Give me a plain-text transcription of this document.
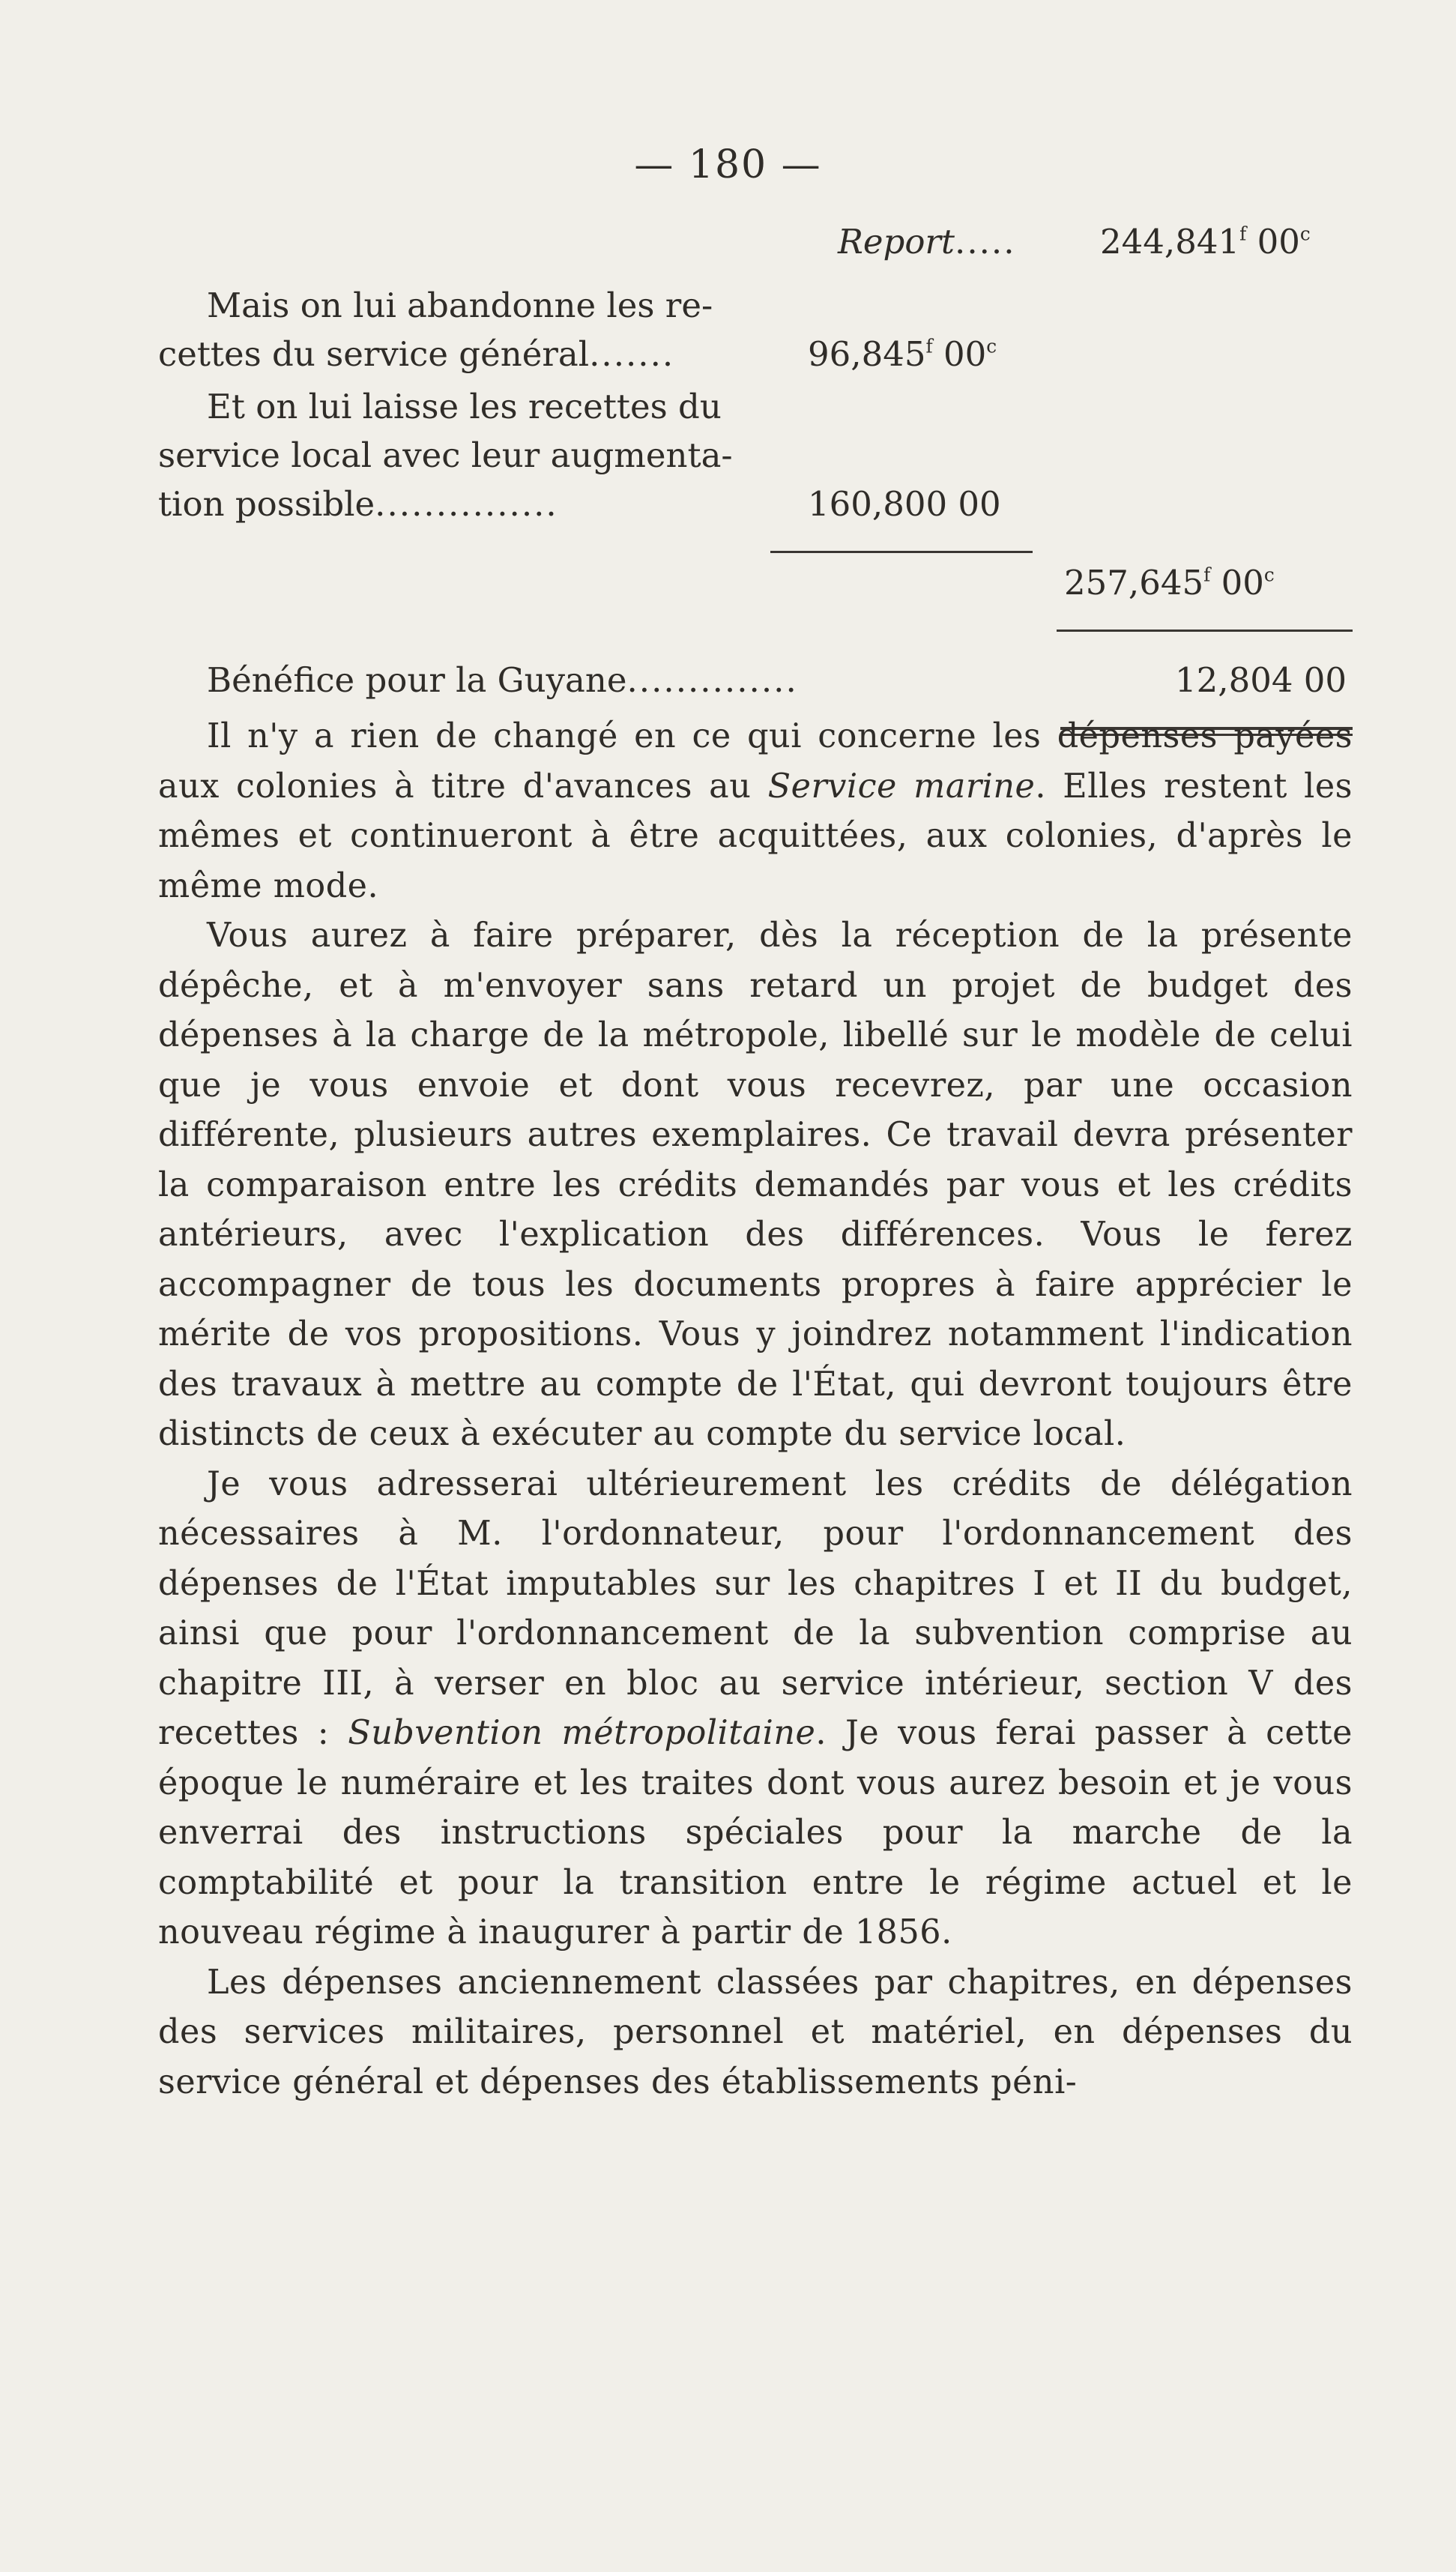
— 180 —
Report..... 244,841$^f$ 00$^c$
Mais on lui abandonne les re-
cettes du service général.......	96,845$^f$ 00$^c$
Et on lui laisse les recettes du
service local avec leur augmenta-
tion possible...............	160,800 00
257,645$^f$ 00$^c$
Bénéfice pour la Guyane..............	12,804 00

Il n'y a rien de changé en ce qui concerne les dépenses payées aux colonies à titre d'avances au Service marine. Elles restent les mêmes et continueront à être acquittées, aux colonies, d'après le même mode.

Vous aurez à faire préparer, dès la réception de la présente dépêche, et à m'envoyer sans retard un projet de budget des dépenses à la charge de la métropole, libellé sur le modèle de celui que je vous envoie et dont vous recevrez, par une occasion différente, plusieurs autres exemplaires. Ce travail devra présenter la comparaison entre les crédits demandés par vous et les crédits antérieurs, avec l'explication des différences. Vous le ferez accompagner de tous les documents propres à faire apprécier le mérite de vos propositions. Vous y joindrez notamment l'indication des travaux à mettre au compte de l'État, qui devront toujours être distincts de ceux à exécuter au compte du service local.

Je vous adresserai ultérieurement les crédits de délégation nécessaires à M. l'ordonnateur, pour l'ordonnancement des dépenses de l'État imputables sur les chapitres I et II du budget, ainsi que pour l'ordonnancement de la subvention comprise au chapitre III, à verser en bloc au service intérieur, section V des recettes : Subvention métropolitaine. Je vous ferai passer à cette époque le numéraire et les traites dont vous aurez besoin et je vous enverrai des instructions spéciales pour la marche de la comptabilité et pour la transition entre le régime actuel et le nouveau régime à inaugurer à partir de 1856.

Les dépenses anciennement classées par chapitres, en dépenses des services militaires, personnel et matériel, en dépenses du service général et dépenses des établissements péni-
